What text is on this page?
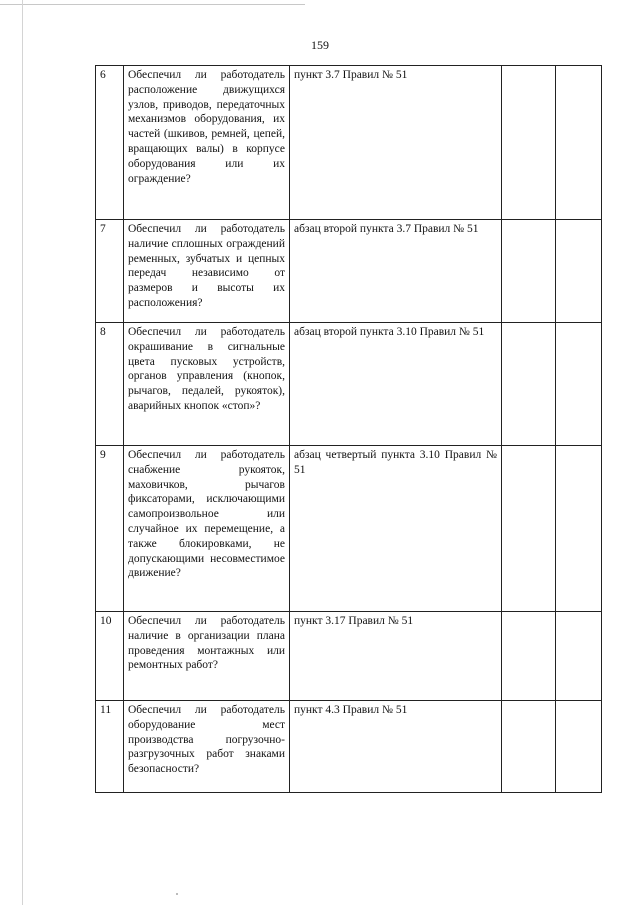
159
6	Обеспечил ли работодатель расположение движущихся узлов, приводов, передаточных механизмов оборудования, их частей (шкивов, ремней, цепей, вращающих валы) в корпусе оборудования или их ограждение?	пункт 3.7 Правил № 51		
7	Обеспечил ли работодатель наличие сплошных ограждений ременных, зубчатых и цепных передач независимо от размеров и высоты их расположения?	абзац второй пункта 3.7 Правил № 51		
8	Обеспечил ли работодатель окрашивание в сигнальные цвета пусковых устройств, органов управления (кнопок, рычагов, педалей, рукояток), аварийных кнопок «стоп»?	абзац второй пункта 3.10 Правил № 51		
9	Обеспечил ли работодатель снабжение рукояток, маховичков, рычагов фиксаторами, исключающими самопроизвольное или случайное их перемещение, а также блокировками, не допускающими несовместимое движение?	абзац четвертый пункта 3.10 Правил № 51		
10	Обеспечил ли работодатель наличие в организации плана проведения монтажных или ремонтных работ?	пункт 3.17 Правил № 51		
11	Обеспечил ли работодатель оборудование мест производства погрузочно-разгрузочных работ знаками безопасности?	пункт 4.3 Правил № 51		
